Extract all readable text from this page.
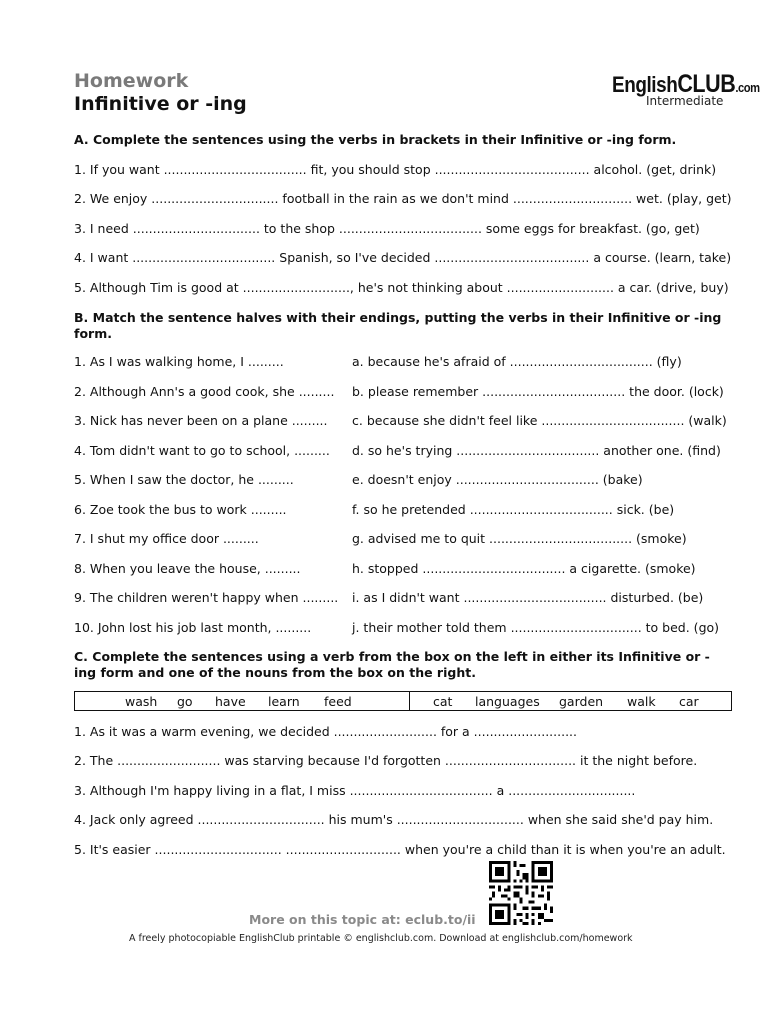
Homework
Infinitive or -ing
EnglishCLUB.com
Intermediate
A. Complete the sentences using the verbs in brackets in their Infinitive or -ing form.
1. If you want .................................... fit, you should stop ....................................... alcohol. (get, drink)
2. We enjoy ................................ football in the rain as we don't mind .............................. wet. (play, get)
3. I need ................................ to the shop .................................... some eggs for breakfast. (go, get)
4. I want .................................... Spanish, so I've decided ....................................... a course. (learn, take)
5. Although Tim is good at ..........................., he's not thinking about ........................... a car. (drive, buy)
B. Match the sentence halves with their endings, putting the verbs in their Infinitive or -ing form.
1. As I was walking home, I .........	a. because he's afraid of .................................... (fly)
2. Although Ann's a good cook, she ......... b. please remember .................................... the door. (lock)
3. Nick has never been on a plane ......... c. because she didn't feel like .................................... (walk)
4. Tom didn't want to go to school, ......... d. so he's trying .................................... another one. (find)
5. When I saw the doctor, he .........	e. doesn't enjoy .................................... (bake)
6. Zoe took the bus to work .........	f. so he pretended .................................... sick. (be)
7. I shut my office door .........	g. advised me to quit .................................... (smoke)
8. When you leave the house, .........	h. stopped .................................... a cigarette. (smoke)
9. The children weren't happy when ......... i. as I didn't want .................................... disturbed. (be)
10. John lost his job last month, .........	j. their mother told them ................................. to bed. (go)
C. Complete the sentences using a verb from the box on the left in either its Infinitive or -ing form and one of the nouns from the box on the right.
wash go have learn feed	cat languages garden walk car
1. As it was a warm evening, we decided .......................... for a ..........................
2. The .......................... was starving because I'd forgotten ................................. it the night before.
3. Although I'm happy living in a flat, I miss .................................... a ................................
4. Jack only agreed ................................ his mum's ................................ when she said she'd pay him.
5. It's easier ................................ ............................. when you're a child than it is when you're an adult.
More on this topic at: eclub.to/ii
A freely photocopiable EnglishClub printable © englishclub.com. Download at englishclub.com/homework
